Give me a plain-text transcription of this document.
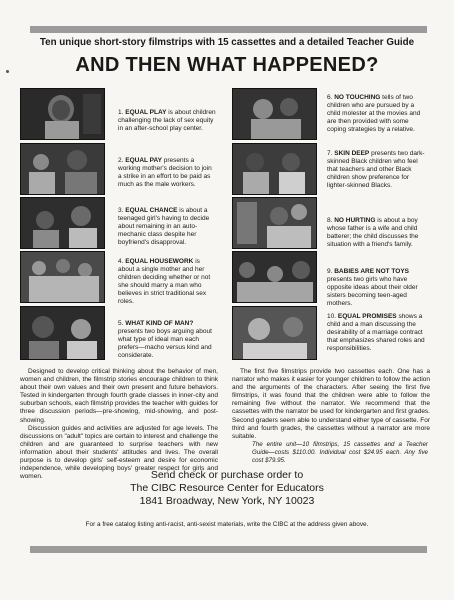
Ten unique short-story filmstrips with 15 cassettes and a detailed Teacher Guide
AND THEN WHAT HAPPENED?
1. EQUAL PLAY is about children challenging the lack of sex equity in an after-school play center.
2. EQUAL PAY presents a working mother's decision to join a strike in an effort to be paid as much as the male workers.
3. EQUAL CHANCE is about a teenaged girl's having to decide about remaining in an auto-mechanic class despite her boyfriend's disapproval.
4. EQUAL HOUSEWORK is about a single mother and her children deciding whether or not she should marry a man who believes in strict traditional sex roles.
5. WHAT KIND OF MAN? presents two boys arguing about what type of ideal man each prefers—macho versus kind and considerate.
6. NO TOUCHING tells of two children who are pursued by a child molester at the movies and are then provided with some coping strategies by a relative.
7. SKIN DEEP presents two dark-skinned Black children who feel that teachers and other Black children show preference for lighter-skinned Blacks.
8. NO HURTING is about a boy whose father is a wife and child batterer; the child discusses the situation with a friend's family.
9. BABIES ARE NOT TOYS presents two girls who have opposite ideas about their older sisters becoming teen-aged mothers.
10. EQUAL PROMISES shows a child and a man discussing the desirability of a marriage contract that emphasizes shared roles and responsibilities.

Designed to develop critical thinking about the behavior of men, women and children, the filmstrip stories encourage children to think about their own values and their own present and future behaviors. Tested in kindergarten through fourth grade classes in inner-city and suburban schools, each filmstrip provides the teacher with guides for three discussion periods—pre-showing, mid-showing, and post-showing.

Discussion guides and activities are adjusted for age levels. The discussions on "adult" topics are certain to interest and challenge the children and are guaranteed to surprise teachers with new information about their students' attitudes and lives. The overall purpose is to develop girls' self-esteem and desire for economic independence, while developing boys' greater respect for girls and women.

The first five filmstrips provide two cassettes each. One has a narrator who makes it easier for younger children to follow the action and the arguments of the characters. After seeing the first five filmstrips, it was found that the children were able to follow the remaining five without the narrator. We recommend that the cassettes with the narrator be used for kindergarten and first grades. Second graders seem able to understand either type of cassette. For third and fourth grades, the cassettes without a narrator are more suitable.

The entire unit—10 filmstrips, 15 cassettes and a Teacher Guide—costs $110.00. Individual cost $24.95 each. Any five cost $79.95.
Send check or purchase order to
The CIBC Resource Center for Educators
1841 Broadway, New York, NY 10023
For a free catalog listing anti-racist, anti-sexist materials, write the CIBC at the address given above.
